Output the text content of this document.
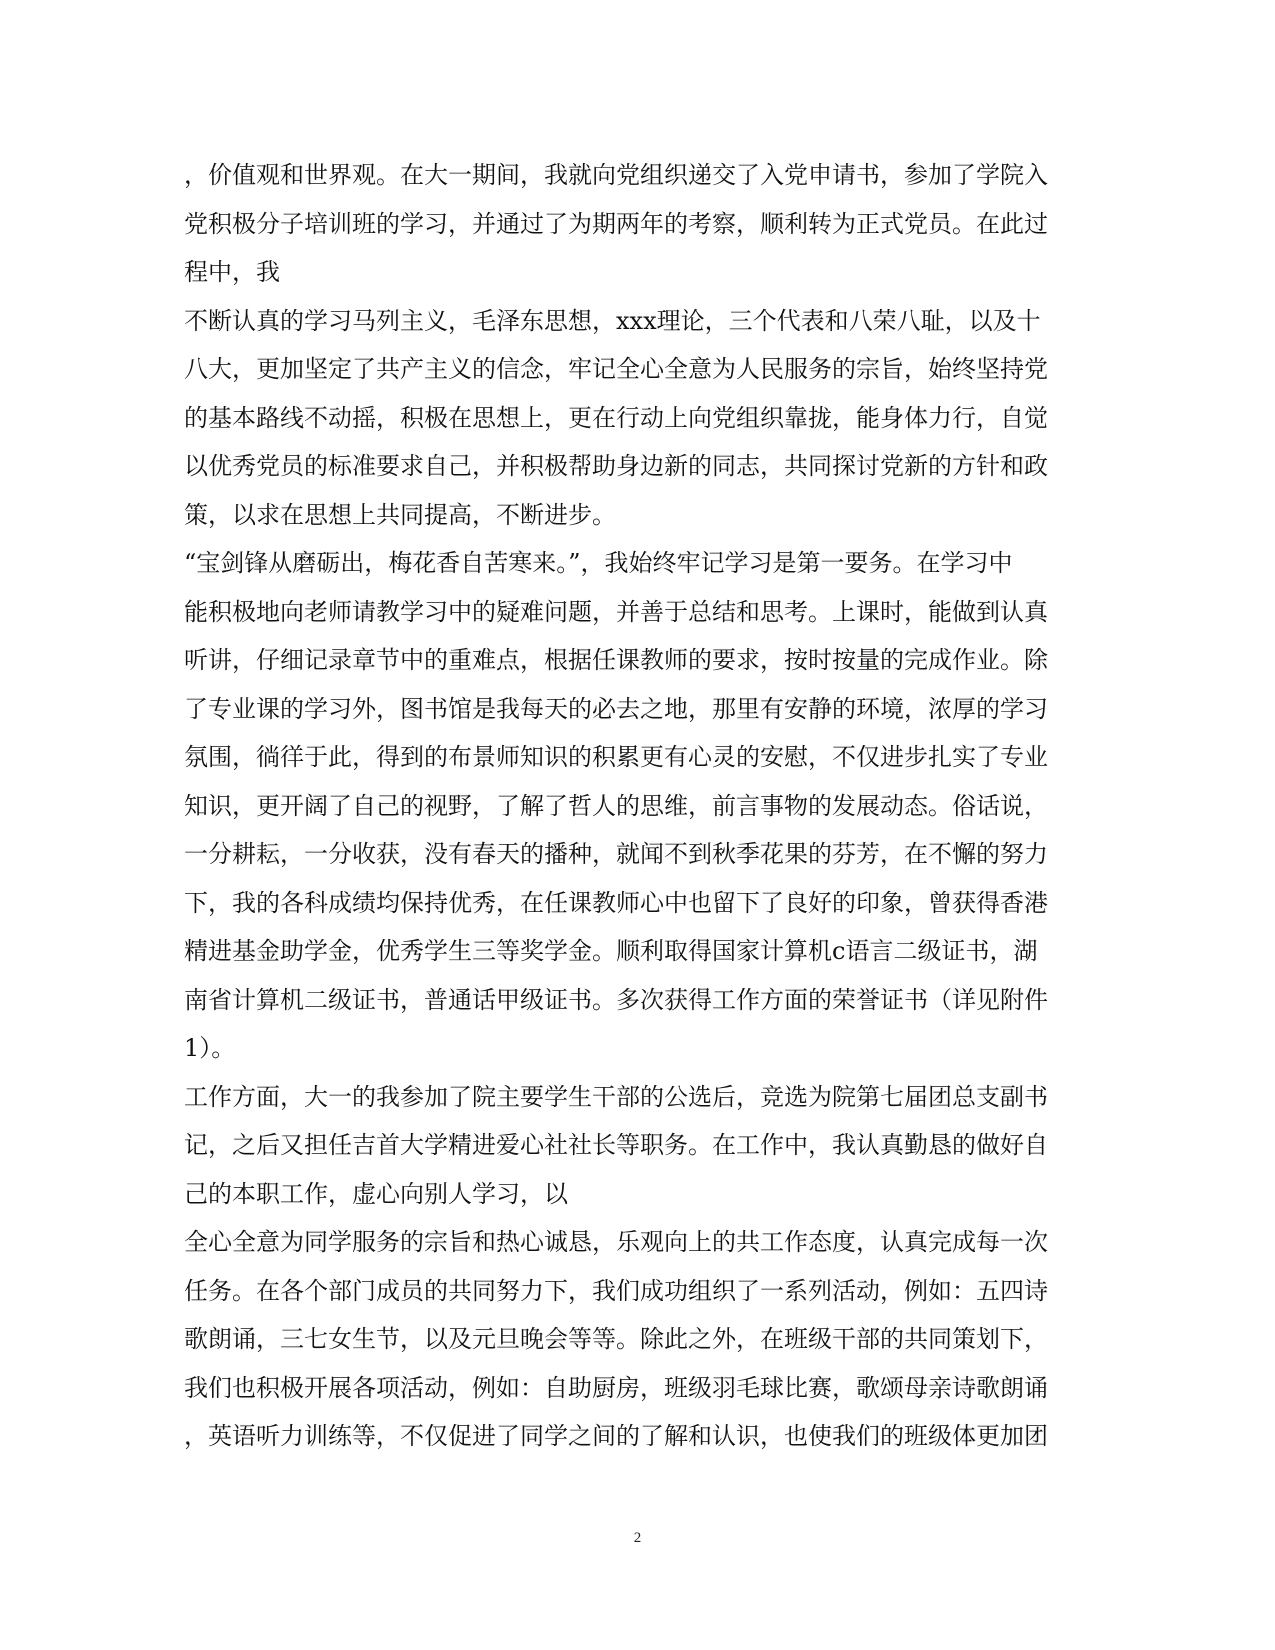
，价值观和世界观。在大一期间，我就向党组织递交了入党申请书，参加了学院入
党积极分子培训班的学习，并通过了为期两年的考察，顺利转为正式党员。在此过
程中，我
不断认真的学习马列主义，毛泽东思想，xxx理论，三个代表和八荣八耻，以及十
八大，更加坚定了共产主义的信念，牢记全心全意为人民服务的宗旨，始终坚持党
的基本路线不动摇，积极在思想上，更在行动上向党组织靠拢，能身体力行，自觉
以优秀党员的标准要求自己，并积极帮助身边新的同志，共同探讨党新的方针和政
策，以求在思想上共同提高，不断进步。
“宝剑锋从磨砺出，梅花香自苦寒来。”，我始终牢记学习是第一要务。在学习中
能积极地向老师请教学习中的疑难问题，并善于总结和思考。上课时，能做到认真
听讲，仔细记录章节中的重难点，根据任课教师的要求，按时按量的完成作业。除
了专业课的学习外，图书馆是我每天的必去之地，那里有安静的环境，浓厚的学习
氛围，徜徉于此，得到的布景师知识的积累更有心灵的安慰，不仅进步扎实了专业
知识，更开阔了自己的视野，了解了哲人的思维，前言事物的发展动态。俗话说，
一分耕耘，一分收获，没有春天的播种，就闻不到秋季花果的芬芳，在不懈的努力
下，我的各科成绩均保持优秀，在任课教师心中也留下了良好的印象，曾获得香港
精进基金助学金，优秀学生三等奖学金。顺利取得国家计算机c语言二级证书，湖
南省计算机二级证书，普通话甲级证书。多次获得工作方面的荣誉证书（详见附件
1）。
工作方面，大一的我参加了院主要学生干部的公选后，竞选为院第七届团总支副书
记，之后又担任吉首大学精进爱心社社长等职务。在工作中，我认真勤恳的做好自
己的本职工作，虚心向别人学习，以
全心全意为同学服务的宗旨和热心诚恳，乐观向上的共工作态度，认真完成每一次
任务。在各个部门成员的共同努力下，我们成功组织了一系列活动，例如：五四诗
歌朗诵，三七女生节，以及元旦晚会等等。除此之外，在班级干部的共同策划下，
我们也积极开展各项活动，例如：自助厨房，班级羽毛球比赛，歌颂母亲诗歌朗诵
，英语听力训练等，不仅促进了同学之间的了解和认识，也使我们的班级体更加团
2
